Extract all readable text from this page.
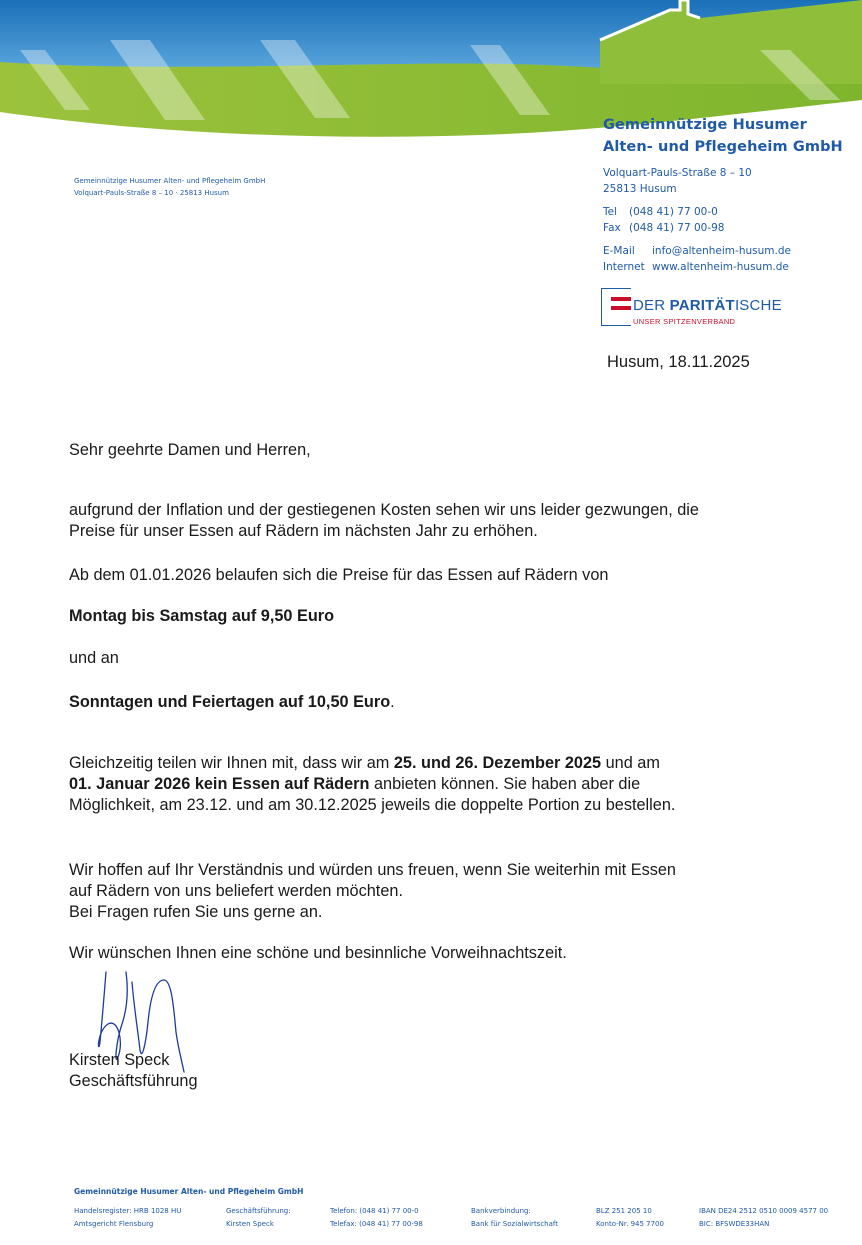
Gemeinnützige Husumer
Alten- und Pflegeheim GmbH
Volquart-Pauls-Straße 8 – 10
25813 Husum
Tel (048 41) 77 00-0
Fax (048 41) 77 00-98
E-Mail info@altenheim-husum.de
Internet www.altenheim-husum.de
DER PARITÄTISCHE
UNSER SPITZENVERBAND
Gemeinnützige Husumer Alten- und Pflegeheim GmbH
Volquart-Pauls-Straße 8 – 10 · 25813 Husum
Husum, 18.11.2025
Sehr geehrte Damen und Herren,
aufgrund der Inflation und der gestiegenen Kosten sehen wir uns leider gezwungen, die
Preise für unser Essen auf Rädern im nächsten Jahr zu erhöhen.
Ab dem 01.01.2026 belaufen sich die Preise für das Essen auf Rädern von
Montag bis Samstag auf 9,50 Euro
und an
Sonntagen und Feiertagen auf 10,50 Euro.
Gleichzeitig teilen wir Ihnen mit, dass wir am 25. und 26. Dezember 2025 und am
01. Januar 2026 kein Essen auf Rädern anbieten können. Sie haben aber die
Möglichkeit, am 23.12. und am 30.12.2025 jeweils die doppelte Portion zu bestellen.
Wir hoffen auf Ihr Verständnis und würden uns freuen, wenn Sie weiterhin mit Essen
auf Rädern von uns beliefert werden möchten.
Bei Fragen rufen Sie uns gerne an.
Wir wünschen Ihnen eine schöne und besinnliche Vorweihnachtszeit.
Kirsten Speck
Geschäftsführung
Gemeinnützige Husumer Alten- und Pflegeheim GmbH
Handelsregister: HRB 1028 HU
Amtsgericht Flensburg
Geschäftsführung:
Kirsten Speck
Telefon: (048 41) 77 00-0
Telefax: (048 41) 77 00-98
Bankverbindung:
Bank für Sozialwirtschaft
BLZ 251 205 10
Konto-Nr. 945 7700
IBAN DE24 2512 0510 0009 4577 00
BIC: BFSWDE33HAN
